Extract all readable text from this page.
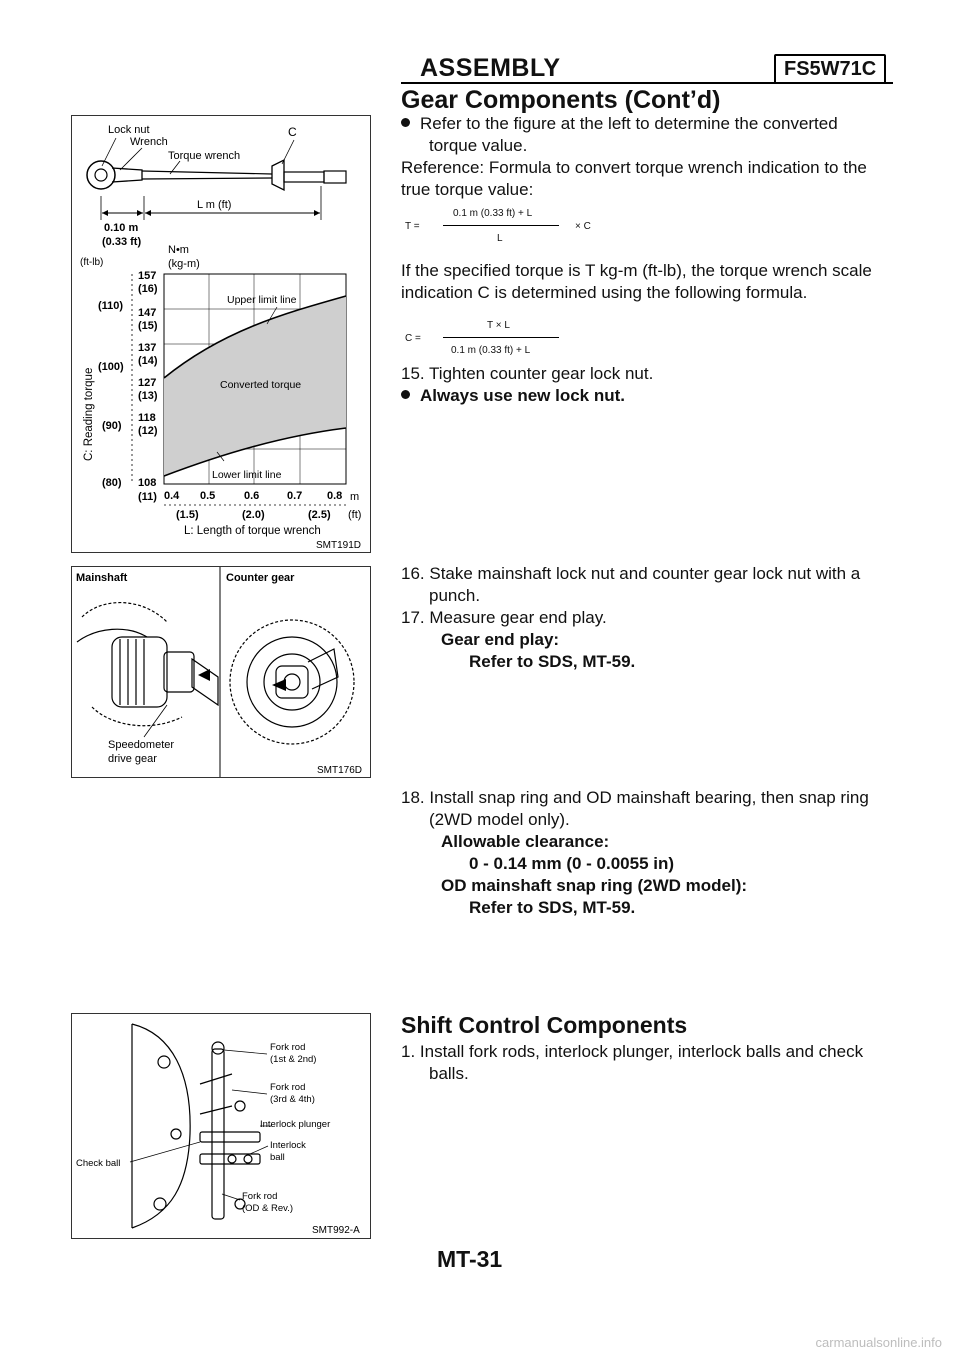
ASSEMBLY	FS5W71C
Gear Components (Cont’d)
Lock nut
Wrench
Torque wrench
C
L m (ft)
0.10 m
(0.33 ft)
N•m
(kg-m)
(ft-lb)
Upper limit line
Converted torque
Lower limit line
157
(16)
147
(15)
137
(14)
127
(13)
118
(12)
108
(11)
(110)
(100)
(90)
(80)
C: Reading torque
0.4 0.5	0.6	0.7 0.8
(1.5)	(2.0)	(2.5)
m
(ft)
L: Length of torque wrench
SMT191D
Mainshaft	Counter gear
Speedometer
drive gear
SMT176D
Fork rod
(1st & 2nd)
Fork rod
(3rd & 4th)
Interlock plunger
Interlock
ball
Check ball
Fork rod
(OD & Rev.)
SMT992-A
Refer to the figure at the left to determine the converted
torque value.
Reference: Formula to convert torque wrench indication to the
true torque value:
T =
0.1 m (0.33 ft) + L
L
× C
If the specified torque is T kg-m (ft-lb), the torque wrench scale
indication C is determined using the following formula.
C =
T × L
0.1 m (0.33 ft) + L
15. Tighten counter gear lock nut.
Always use new lock nut.
16. Stake mainshaft lock nut and counter gear lock nut with a
punch.
17. Measure gear end play.
Gear end play:
Refer to SDS, MT-59.
18. Install snap ring and OD mainshaft bearing, then snap ring
(2WD model only).
Allowable clearance:
0 - 0.14 mm (0 - 0.0055 in)
OD mainshaft snap ring (2WD model):
Refer to SDS, MT-59.
Shift Control Components
1. Install fork rods, interlock plunger, interlock balls and check
balls.
MT-31
carmanualsonline.info
